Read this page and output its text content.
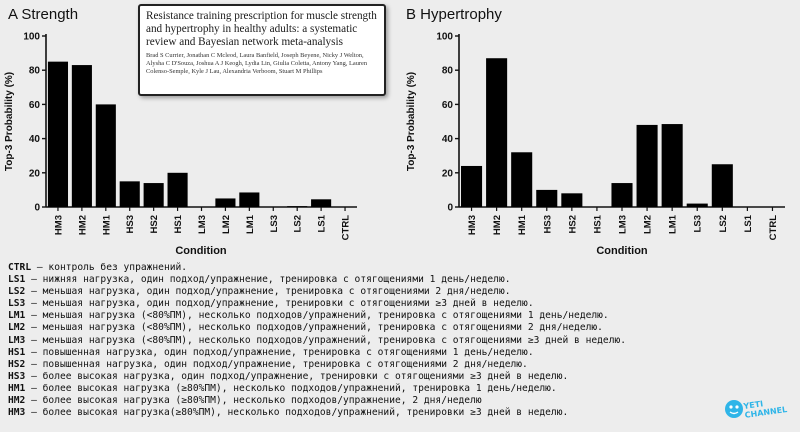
A Strength
0
20
40
60
80
100
Top-3 Probability (%)
HM3 HM2 HM1 HS3 HS2 HS1 LM3 LM2 LM1 LS3 LS2 LS1 CTRL
Condition
B Hypertrophy
0
20
40
60
80
100
Top-3 Probability (%)
HM3 HM2 HM1 HS3 HS2 HS1 LM3 LM2 LM1 LS3 LS2 LS1 CTRL
Condition
Resistance training prescription for muscle strength and hypertrophy in healthy adults: a systematic review and Bayesian network meta-analysis
Brad S Currier, Jonathan C Mcleod, Laura Banfield, Joseph Beyene, Nicky J Welton, Alysha C D'Souza, Joshua A J Keogh, Lydia Lin, Giulia Coletta, Antony Yang, Lauren Colenso-Semple, Kyle J Lau, Alexandria Verboom, Stuart M Phillips
CTRL – контроль без упражнений.
LS1 – нижняя нагрузка, один подход/упражнение, тренировка с отягощениями 1 день/неделю.
LS2 – меньшая нагрузка, один подход/упражнение, тренировка с отягощениями 2 дня/неделю.
LS3 – меньшая нагрузка, один подход/упражнение, тренировки с отягощениями ≥3 дней в неделю.
LM1 – меньшая нагрузка (<80%ПМ), несколько подходов/упражнений, тренировка с отягощениями 1 день/неделю.
LM2 – меньшая нагрузка (<80%ПМ), несколько подходов/упражнений, тренировка с отягощениями 2 дня/неделю.
LM3 – меньшая нагрузка (<80%ПМ), несколько подходов/упражнений, тренировка с отягощениями ≥3 дней в неделю.
HS1 – повышенная нагрузка, один подход/упражнение, тренировка с отягощениями 1 день/неделю.
HS2 – повышенная нагрузка, один подход/упражнение, тренировка с отягощениями 2 дня/неделю.
HS3 – более высокая нагрузка, один подход/упражнение, тренировки с отягощениями ≥3 дней в неделю.
HM1 – более высокая нагрузка (≥80%ПМ), несколько подходов/упражнений, тренировка 1 день/неделю.
HM2 – более высокая нагрузка (≥80%ПМ), несколько подходов/упражнение, 2 дня/неделю
HM3 – более высокая нагрузка(≥80%ПМ), несколько подходов/упражнений, тренировки ≥3 дней в неделю.
YETI CHANNEL
